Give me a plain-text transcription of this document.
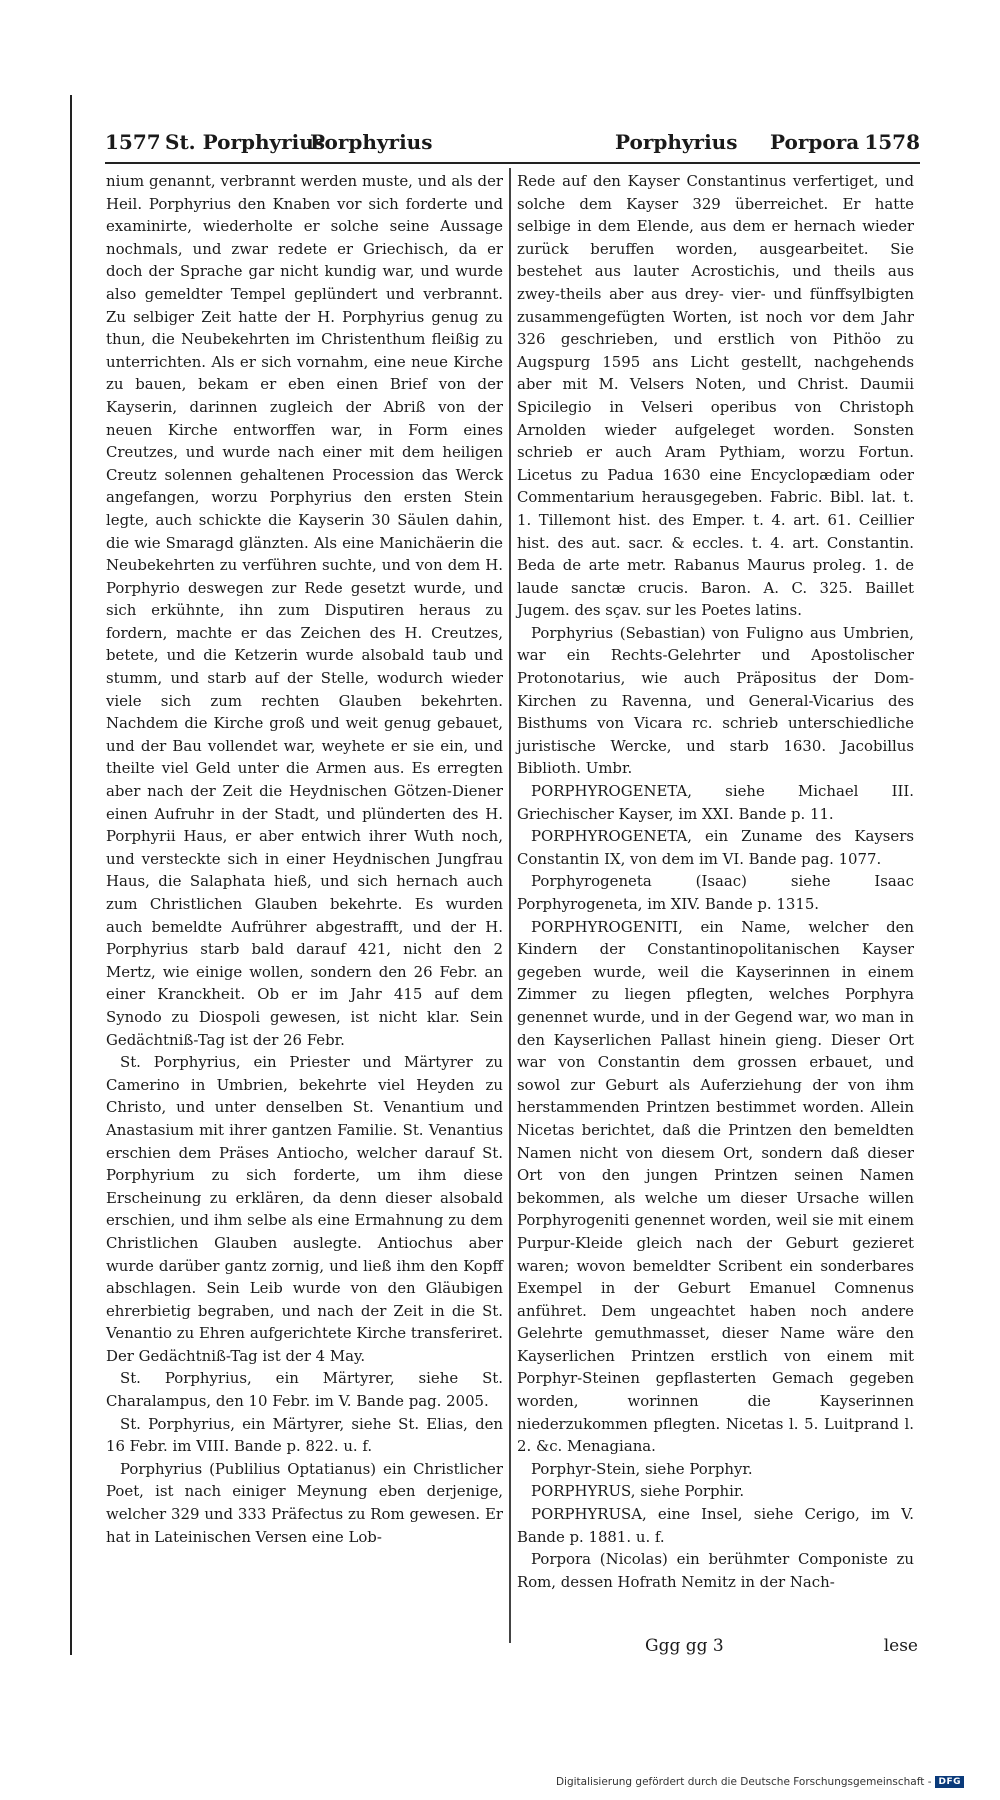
1577 St. Porphyrius
Porphyrius	Porphyrius Porpora 1578

nium genannt, verbrannt werden muste, und als der Heil. Porphyrius den Knaben vor sich forderte und examinirte, wiederholte er solche seine Aussage nochmals, und zwar redete er Griechisch, da er doch der Sprache gar nicht kundig war, und wurde also gemeldter Tempel geplündert und verbrannt. Zu selbiger Zeit hatte der H. Porphyrius genug zu thun, die Neubekehrten im Christenthum fleißig zu unterrichten. Als er sich vornahm, eine neue Kirche zu bauen, bekam er eben einen Brief von der Kayserin, darinnen zugleich der Abriß von der neuen Kirche entworffen war, in Form eines Creutzes, und wurde nach einer mit dem heiligen Creutz solennen gehaltenen Procession das Werck angefangen, worzu Porphyrius den ersten Stein legte, auch schickte die Kayserin 30 Säulen dahin, die wie Smaragd glänzten. Als eine Manichäerin die Neubekehrten zu verführen suchte, und von dem H. Porphyrio deswegen zur Rede gesetzt wurde, und sich erkühnte, ihn zum Disputiren heraus zu fordern, machte er das Zeichen des H. Creutzes, betete, und die Ketzerin wurde alsobald taub und stumm, und starb auf der Stelle, wodurch wieder viele sich zum rechten Glauben bekehrten. Nachdem die Kirche groß und weit genug gebauet, und der Bau vollendet war, weyhete er sie ein, und theilte viel Geld unter die Armen aus. Es erregten aber nach der Zeit die Heydnischen Götzen-Diener einen Aufruhr in der Stadt, und plünderten des H. Porphyrii Haus, er aber entwich ihrer Wuth noch, und versteckte sich in einer Heydnischen Jungfrau Haus, die Salaphata hieß, und sich hernach auch zum Christlichen Glauben bekehrte. Es wurden auch bemeldte Aufrührer abgestrafft, und der H. Porphyrius starb bald darauf 421, nicht den 2 Mertz, wie einige wollen, sondern den 26 Febr. an einer Kranckheit. Ob er im Jahr 415 auf dem Synodo zu Diospoli gewesen, ist nicht klar. Sein Gedächtniß-Tag ist der 26 Febr.

St. Porphyrius, ein Priester und Märtyrer zu Camerino in Umbrien, bekehrte viel Heyden zu Christo, und unter denselben St. Venantium und Anastasium mit ihrer gantzen Familie. St. Venantius erschien dem Präses Antiocho, welcher darauf St. Porphyrium zu sich forderte, um ihm diese Erscheinung zu erklären, da denn dieser alsobald erschien, und ihm selbe als eine Ermahnung zu dem Christlichen Glauben auslegte. Antiochus aber wurde darüber gantz zornig, und ließ ihm den Kopff abschlagen. Sein Leib wurde von den Gläubigen ehrerbietig begraben, und nach der Zeit in die St. Venantio zu Ehren aufgerichtete Kirche transferiret. Der Gedächtniß-Tag ist der 4 May.

St. Porphyrius, ein Märtyrer, siehe St. Charalampus, den 10 Febr. im V. Bande pag. 2005.

St. Porphyrius, ein Märtyrer, siehe St. Elias, den 16 Febr. im VIII. Bande p. 822. u. f.

Porphyrius (Publilius Optatianus) ein Christlicher Poet, ist nach einiger Meynung eben derjenige, welcher 329 und 333 Präfectus zu Rom gewesen. Er hat in Lateinischen Versen eine Lob-

Rede auf den Kayser Constantinus verfertiget, und solche dem Kayser 329 überreichet. Er hatte selbige in dem Elende, aus dem er hernach wieder zurück beruffen worden, ausgearbeitet. Sie bestehet aus lauter Acrostichis, und theils aus zwey-theils aber aus drey- vier- und fünffsylbigten zusammengefügten Worten, ist noch vor dem Jahr 326 geschrieben, und erstlich von Pithöo zu Augspurg 1595 ans Licht gestellt, nachgehends aber mit M. Velsers Noten, und Christ. Daumii Spicilegio in Velseri operibus von Christoph Arnolden wieder aufgeleget worden. Sonsten schrieb er auch Aram Pythiam, worzu Fortun. Licetus zu Padua 1630 eine Encyclopædiam oder Commentarium herausgegeben. Fabric. Bibl. lat. t. 1. Tillemont hist. des Emper. t. 4. art. 61. Ceillier hist. des aut. sacr. & eccles. t. 4. art. Constantin. Beda de arte metr. Rabanus Maurus proleg. 1. de laude sanctæ crucis. Baron. A. C. 325. Baillet Jugem. des sçav. sur les Poetes latins.

Porphyrius (Sebastian) von Fuligno aus Umbrien, war ein Rechts-Gelehrter und Apostolischer Protonotarius, wie auch Präpositus der Dom-Kirchen zu Ravenna, und General-Vicarius des Bisthums von Vicara rc. schrieb unterschiedliche juristische Wercke, und starb 1630. Jacobillus Biblioth. Umbr.

PORPHYROGENETA, siehe Michael III. Griechischer Kayser, im XXI. Bande p. 11.

PORPHYROGENETA, ein Zuname des Kaysers Constantin IX, von dem im VI. Bande pag. 1077.

Porphyrogeneta (Isaac) siehe Isaac Porphyrogeneta, im XIV. Bande p. 1315.

PORPHYROGENITI, ein Name, welcher den Kindern der Constantinopolitanischen Kayser gegeben wurde, weil die Kayserinnen in einem Zimmer zu liegen pflegten, welches Porphyra genennet wurde, und in der Gegend war, wo man in den Kayserlichen Pallast hinein gieng. Dieser Ort war von Constantin dem grossen erbauet, und sowol zur Geburt als Auferziehung der von ihm herstammenden Printzen bestimmet worden. Allein Nicetas berichtet, daß die Printzen den bemeldten Namen nicht von diesem Ort, sondern daß dieser Ort von den jungen Printzen seinen Namen bekommen, als welche um dieser Ursache willen Porphyrogeniti genennet worden, weil sie mit einem Purpur-Kleide gleich nach der Geburt gezieret waren; wovon bemeldter Scribent ein sonderbares Exempel in der Geburt Emanuel Comnenus anführet. Dem ungeachtet haben noch andere Gelehrte gemuthmasset, dieser Name wäre den Kayserlichen Printzen erstlich von einem mit Porphyr-Steinen gepflasterten Gemach gegeben worden, worinnen die Kayserinnen niederzukommen pflegten. Nicetas l. 5. Luitprand l. 2. &c. Menagiana.

Porphyr-Stein, siehe Porphyr.

PORPHYRUS, siehe Porphir.

PORPHYRUSA, eine Insel, siehe Cerigo, im V. Bande p. 1881. u. f.

Porpora (Nicolas) ein berühmter Componiste zu Rom, dessen Hofrath Nemitz in der Nach-

Ggg gg 3	lese
Digitalisierung gefördert durch die Deutsche Forschungsgemeinschaft - DFG
